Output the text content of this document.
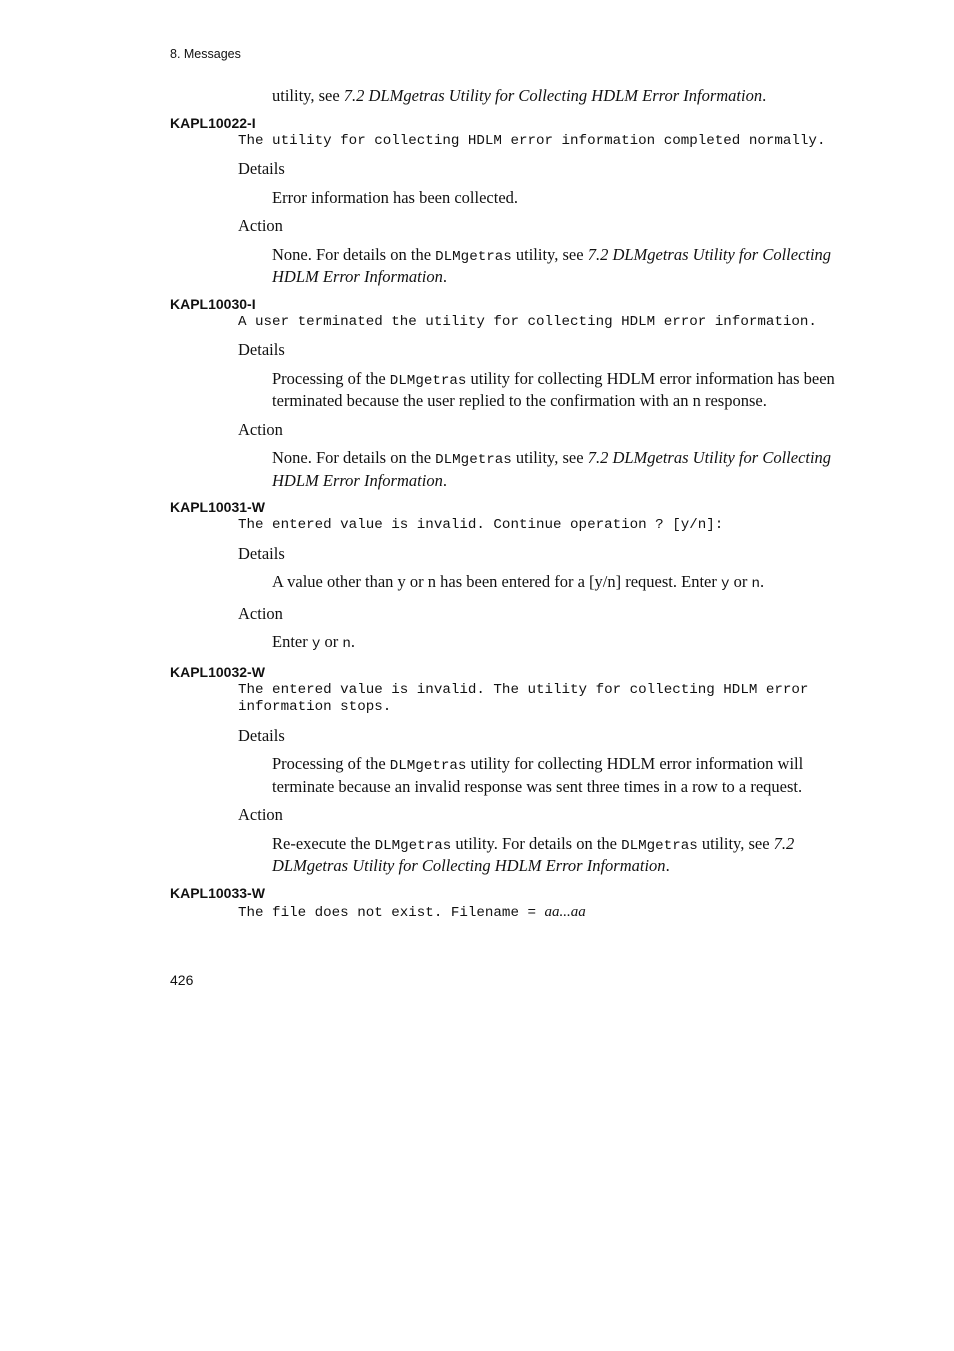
8. Messages
utility, see 7.2 DLMgetras Utility for Collecting HDLM Error Information.
KAPL10022-I
The utility for collecting HDLM error information completed normally.
Details
Error information has been collected.
Action
None. For details on the DLMgetras utility, see 7.2 DLMgetras Utility for Collecting HDLM Error Information.
KAPL10030-I
A user terminated the utility for collecting HDLM error information.
Details
Processing of the DLMgetras utility for collecting HDLM error information has been terminated because the user replied to the confirmation with an n response.
Action
None. For details on the DLMgetras utility, see 7.2 DLMgetras Utility for Collecting HDLM Error Information.
KAPL10031-W
The entered value is invalid. Continue operation ? [y/n]:
Details
A value other than y or n has been entered for a [y/n] request. Enter y or n.
Action
Enter y or n.
KAPL10032-W
The entered value is invalid. The utility for collecting HDLM error information stops.
Details
Processing of the DLMgetras utility for collecting HDLM error information will terminate because an invalid response was sent three times in a row to a request.
Action
Re-execute the DLMgetras utility. For details on the DLMgetras utility, see 7.2 DLMgetras Utility for Collecting HDLM Error Information.
KAPL10033-W
The file does not exist. Filename = aa...aa
426
